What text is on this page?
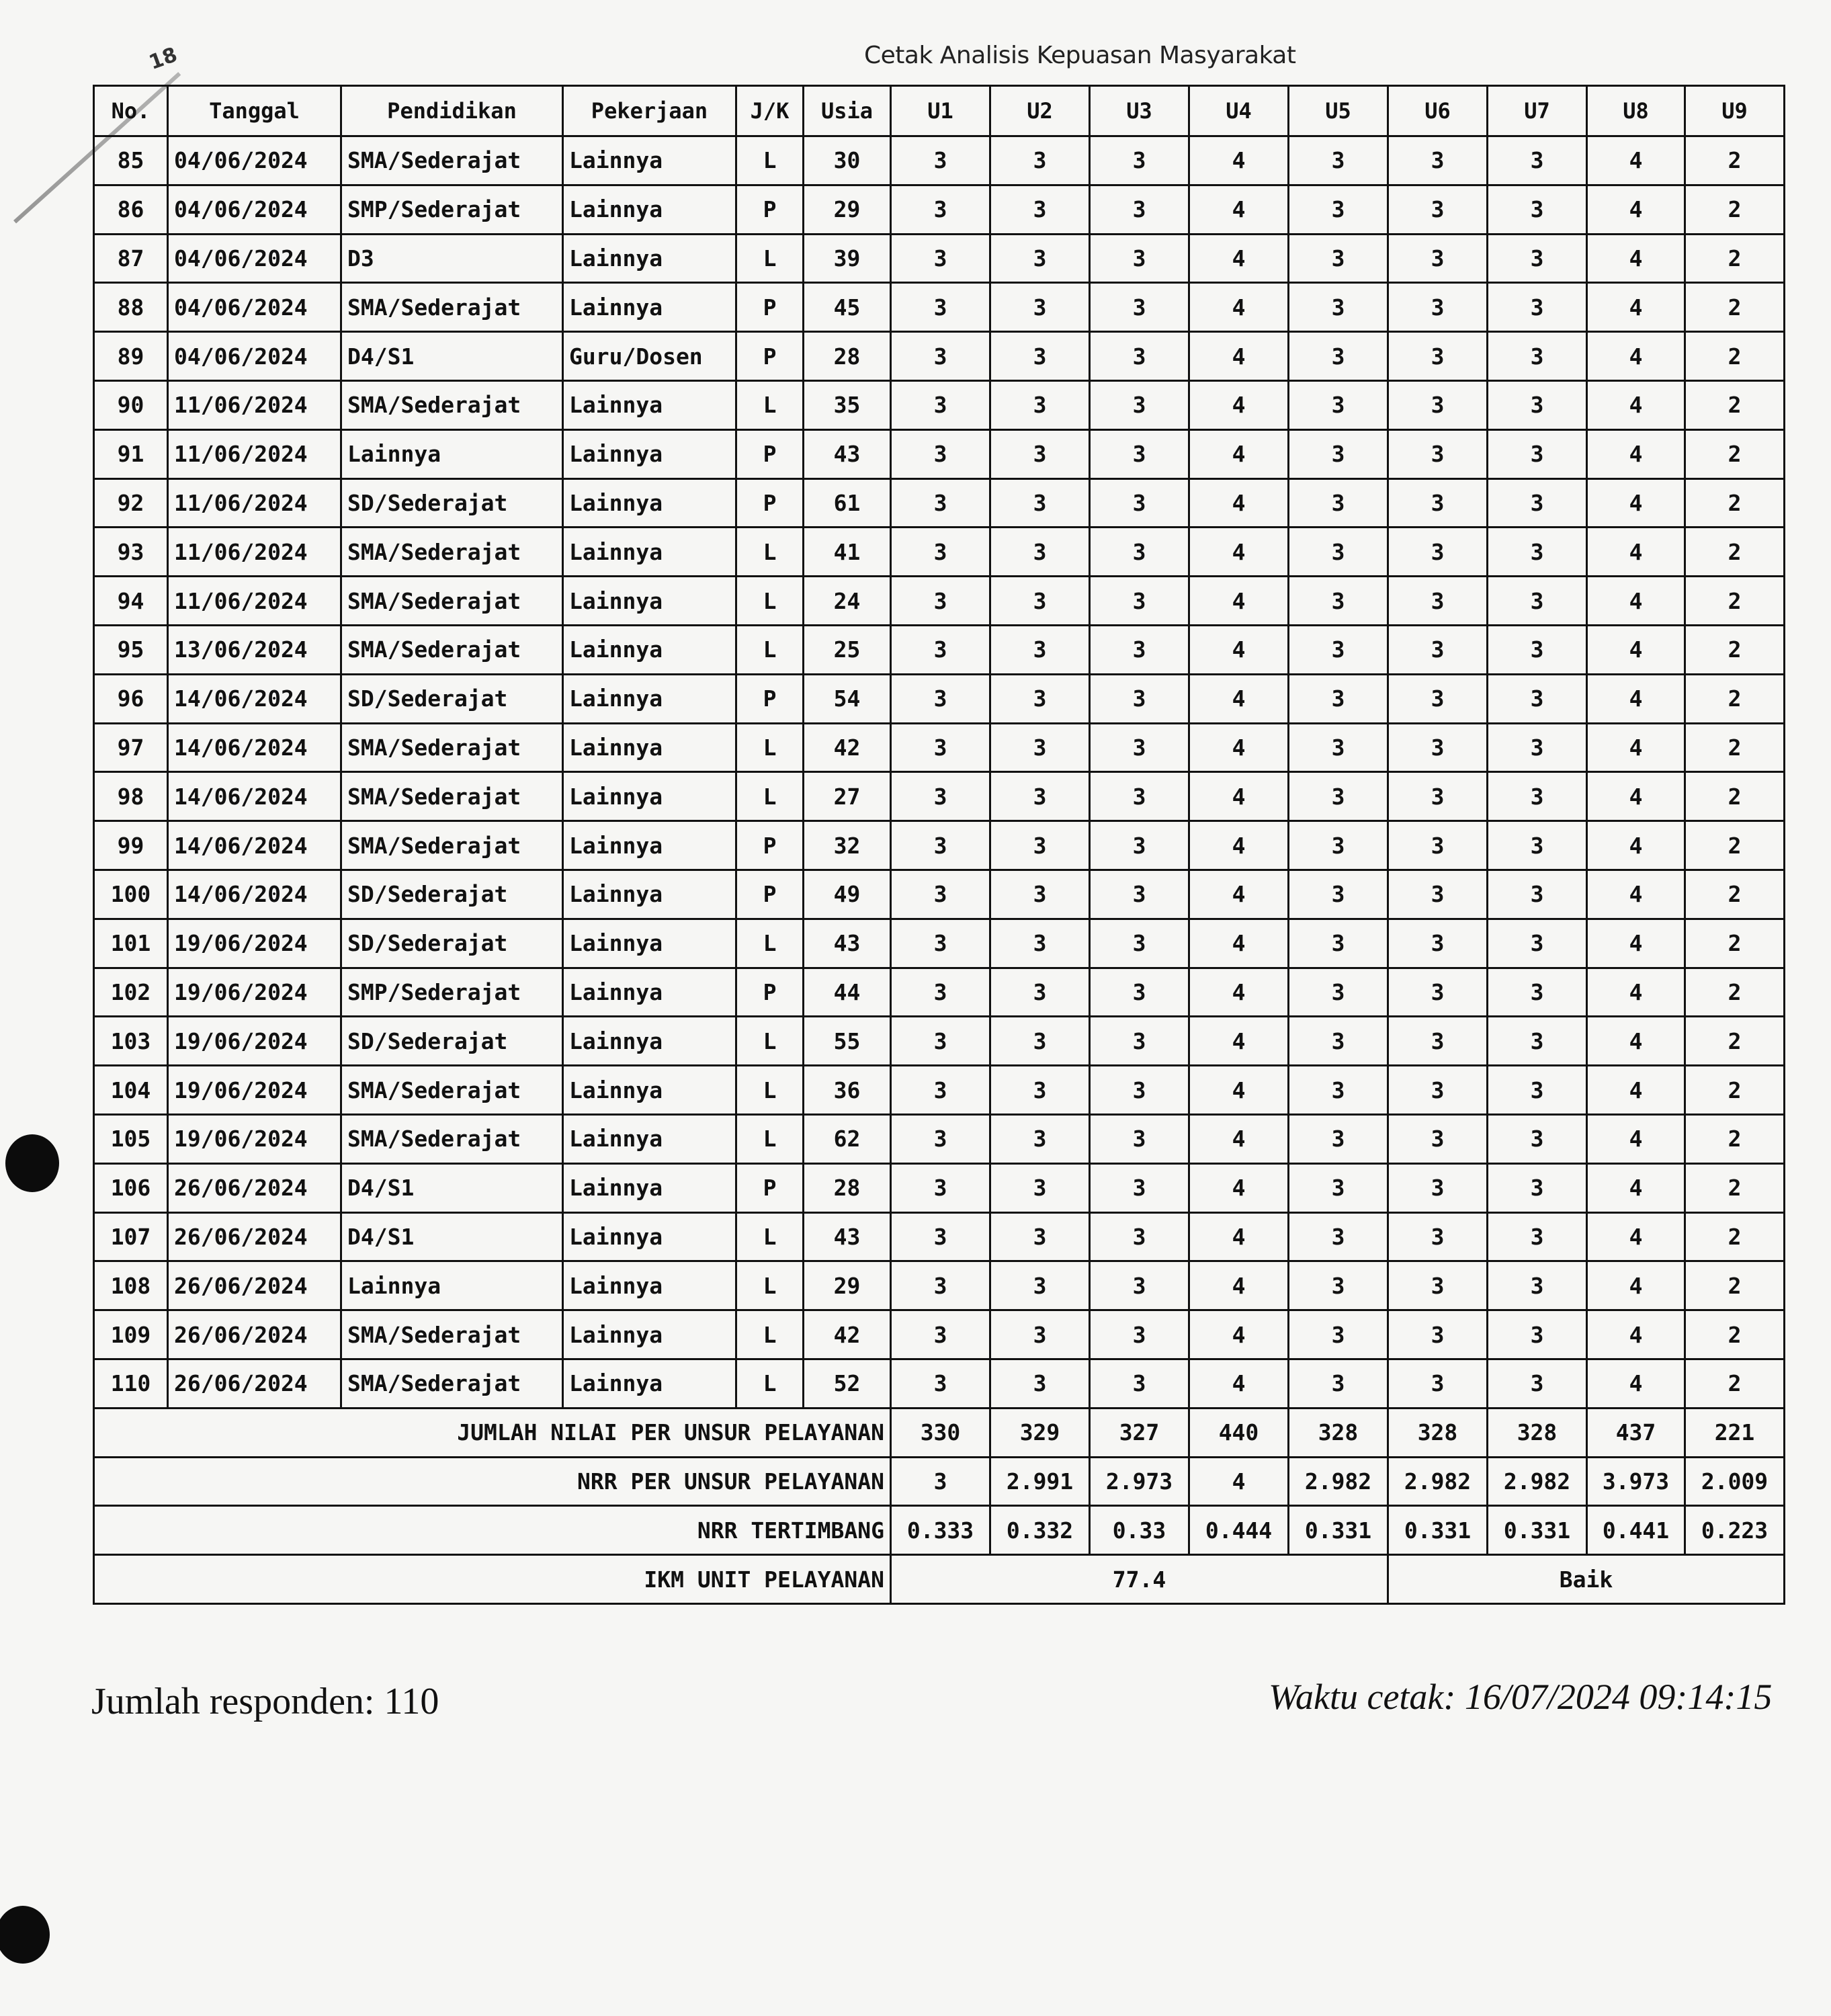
18	Cetak Analisis Kepuasan Masyarakat
No.	Tanggal	Pendidikan	Pekerjaan	J/K	Usia	U1	U2	U3	U4	U5	U6	U7	U8	U9
85	04/06/2024	SMA/Sederajat	Lainnya	L	30	3	3	3	4	3	3	3	4	2
86	04/06/2024	SMP/Sederajat	Lainnya	P	29	3	3	3	4	3	3	3	4	2
87	04/06/2024	D3	Lainnya	L	39	3	3	3	4	3	3	3	4	2
88	04/06/2024	SMA/Sederajat	Lainnya	P	45	3	3	3	4	3	3	3	4	2
89	04/06/2024	D4/S1	Guru/Dosen	P	28	3	3	3	4	3	3	3	4	2
90	11/06/2024	SMA/Sederajat	Lainnya	L	35	3	3	3	4	3	3	3	4	2
91	11/06/2024	Lainnya	Lainnya	P	43	3	3	3	4	3	3	3	4	2
92	11/06/2024	SD/Sederajat	Lainnya	P	61	3	3	3	4	3	3	3	4	2
93	11/06/2024	SMA/Sederajat	Lainnya	L	41	3	3	3	4	3	3	3	4	2
94	11/06/2024	SMA/Sederajat	Lainnya	L	24	3	3	3	4	3	3	3	4	2
95	13/06/2024	SMA/Sederajat	Lainnya	L	25	3	3	3	4	3	3	3	4	2
96	14/06/2024	SD/Sederajat	Lainnya	P	54	3	3	3	4	3	3	3	4	2
97	14/06/2024	SMA/Sederajat	Lainnya	L	42	3	3	3	4	3	3	3	4	2
98	14/06/2024	SMA/Sederajat	Lainnya	L	27	3	3	3	4	3	3	3	4	2
99	14/06/2024	SMA/Sederajat	Lainnya	P	32	3	3	3	4	3	3	3	4	2
100	14/06/2024	SD/Sederajat	Lainnya	P	49	3	3	3	4	3	3	3	4	2
101	19/06/2024	SD/Sederajat	Lainnya	L	43	3	3	3	4	3	3	3	4	2
102	19/06/2024	SMP/Sederajat	Lainnya	P	44	3	3	3	4	3	3	3	4	2
103	19/06/2024	SD/Sederajat	Lainnya	L	55	3	3	3	4	3	3	3	4	2
104	19/06/2024	SMA/Sederajat	Lainnya	L	36	3	3	3	4	3	3	3	4	2
105	19/06/2024	SMA/Sederajat	Lainnya	L	62	3	3	3	4	3	3	3	4	2
106	26/06/2024	D4/S1	Lainnya	P	28	3	3	3	4	3	3	3	4	2
107	26/06/2024	D4/S1	Lainnya	L	43	3	3	3	4	3	3	3	4	2
108	26/06/2024	Lainnya	Lainnya	L	29	3	3	3	4	3	3	3	4	2
109	26/06/2024	SMA/Sederajat	Lainnya	L	42	3	3	3	4	3	3	3	4	2
110	26/06/2024	SMA/Sederajat	Lainnya	L	52	3	3	3	4	3	3	3	4	2
JUMLAH NILAI PER UNSUR PELAYANAN						330	329	327	440	328	328	328	437	221
NRR PER UNSUR PELAYANAN						3	2.991	2.973	4	2.982	2.982	2.982	3.973	2.009
NRR TERTIMBANG						0.333	0.332	0.33	0.444	0.331	0.331	0.331	0.441	0.223
IKM UNIT PELAYANAN						77.4					Baik			
Jumlah responden: 110	Waktu cetak: 16/07/2024 09:14:15
